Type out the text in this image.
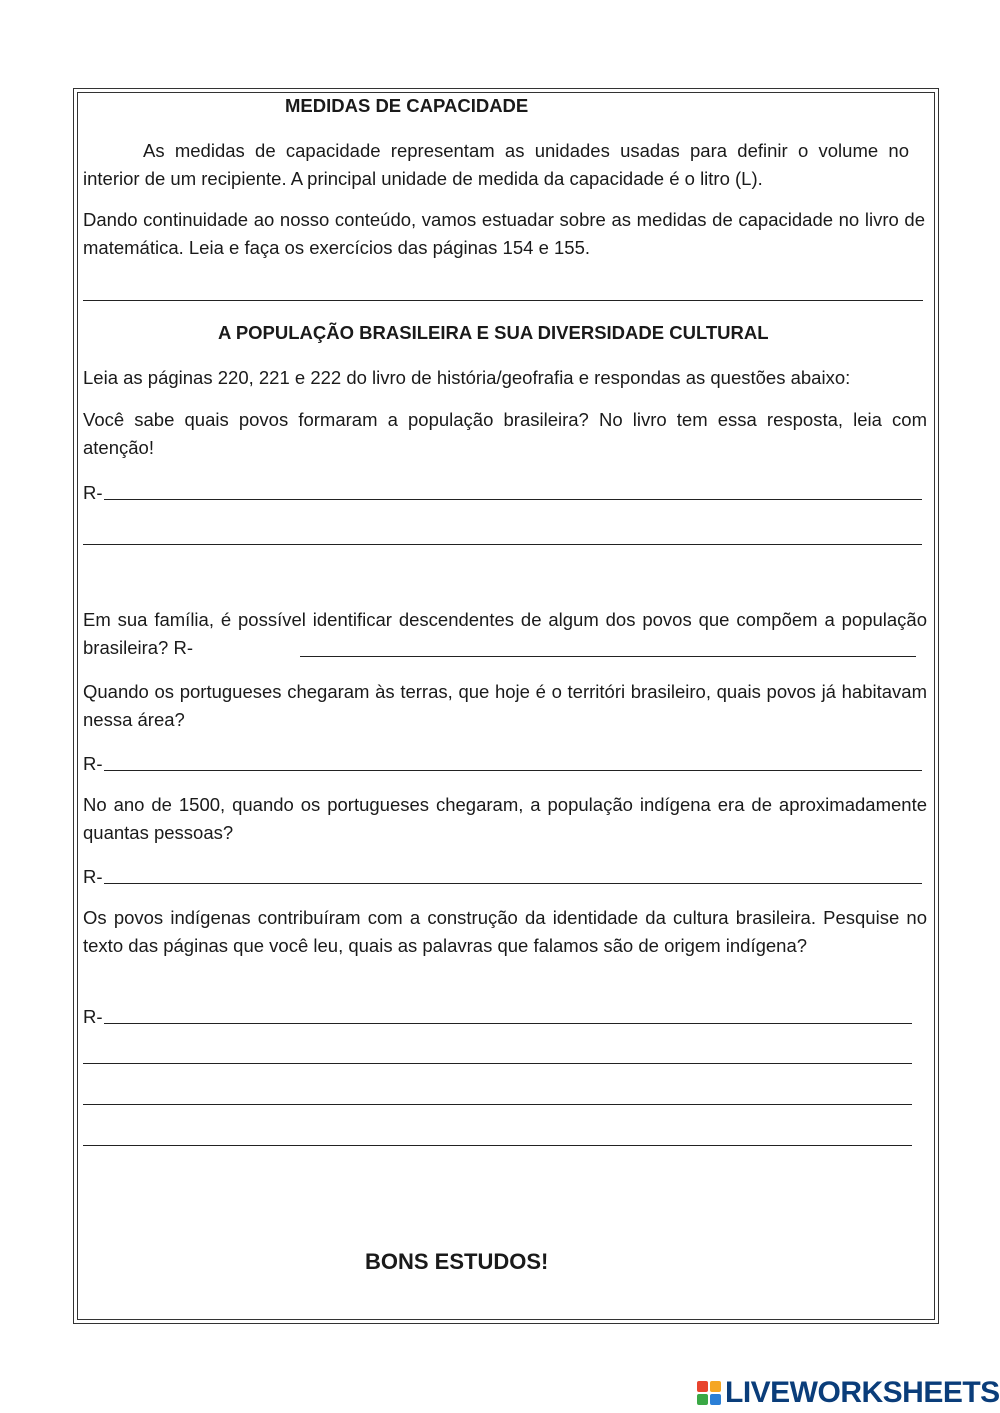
MEDIDAS DE CAPACIDADE
As medidas de capacidade representam as unidades usadas para definir o volume no interior de um recipiente. A principal unidade de medida da capacidade é o litro (L).
Dando continuidade ao nosso conteúdo, vamos estuadar sobre as medidas de capacidade no livro de matemática. Leia e faça os exercícios das páginas 154 e 155.
A POPULAÇÃO BRASILEIRA E SUA DIVERSIDADE CULTURAL
Leia as páginas 220, 221 e 222 do livro de história/geofrafia e respondas as questões abaixo:
Você sabe quais povos formaram a população brasileira? No livro tem essa resposta, leia com atenção!
R-
Em sua família, é possível identificar descendentes de algum dos povos que compõem a população brasileira? R-
Quando os portugueses chegaram às terras, que hoje é o territóri brasileiro, quais povos já habitavam nessa área?
R-
No ano de 1500, quando os portugueses chegaram, a população indígena era de aproximadamente quantas pessoas?
R-
Os povos indígenas contribuíram com a construção da identidade da cultura brasileira. Pesquise no texto das páginas que você leu, quais as palavras que falamos são de origem indígena?
R-
BONS ESTUDOS!
LIVEWORKSHEETS
